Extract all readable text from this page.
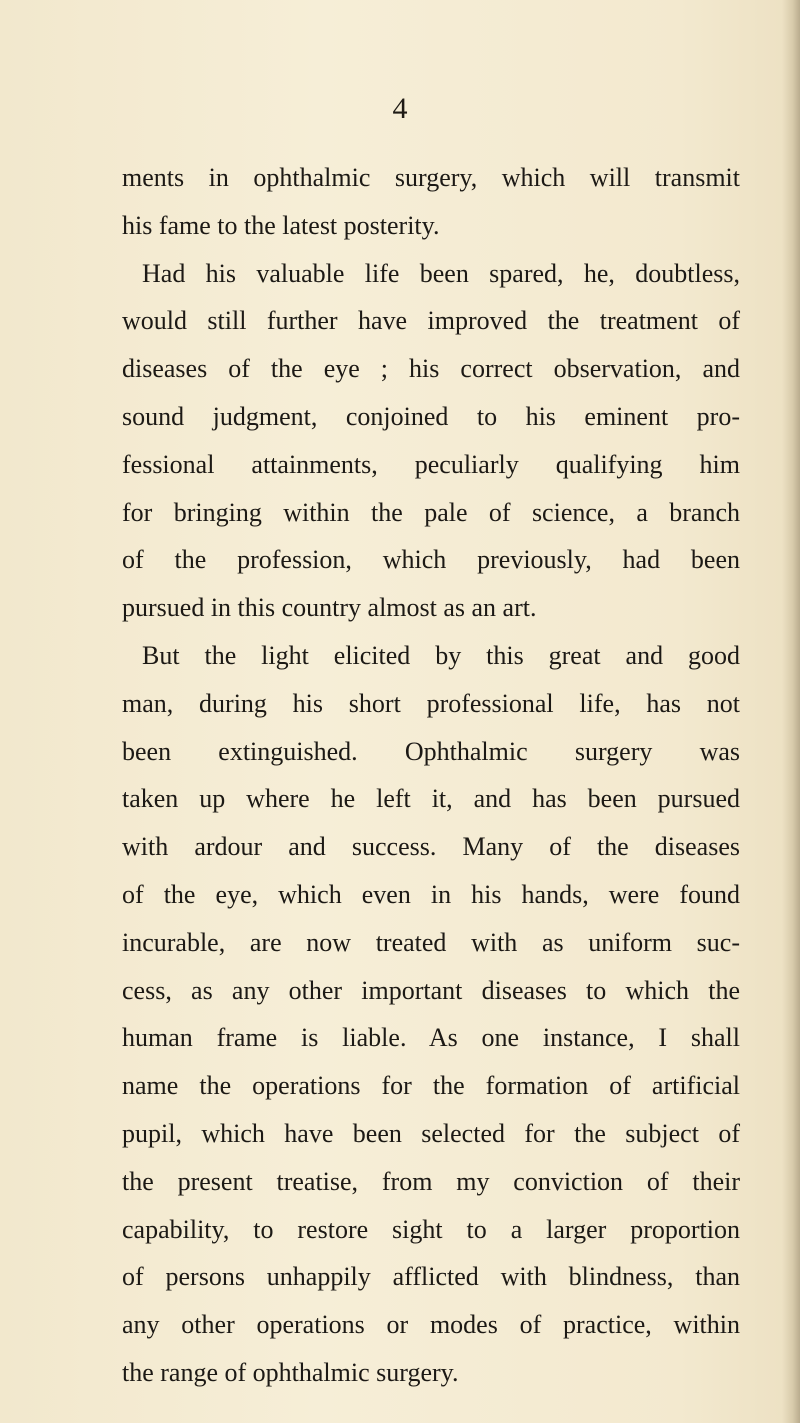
4
ments in ophthalmic surgery, which will transmit
his fame to the latest posterity.
Had his valuable life been spared, he, doubtless,
would still further have improved the treatment of
diseases of the eye ; his correct observation, and
sound judgment, conjoined to his eminent pro-
fessional attainments, peculiarly qualifying him
for bringing within the pale of science, a branch
of the profession, which previously, had been
pursued in this country almost as an art.
But the light elicited by this great and good
man, during his short professional life, has not
been extinguished. Ophthalmic surgery was
taken up where he left it, and has been pursued
with ardour and success. Many of the diseases
of the eye, which even in his hands, were found
incurable, are now treated with as uniform suc-
cess, as any other important diseases to which the
human frame is liable. As one instance, I shall
name the operations for the formation of artificial
pupil, which have been selected for the subject of
the present treatise, from my conviction of their
capability, to restore sight to a larger proportion
of persons unhappily afflicted with blindness, than
any other operations or modes of practice, within
the range of ophthalmic surgery.
